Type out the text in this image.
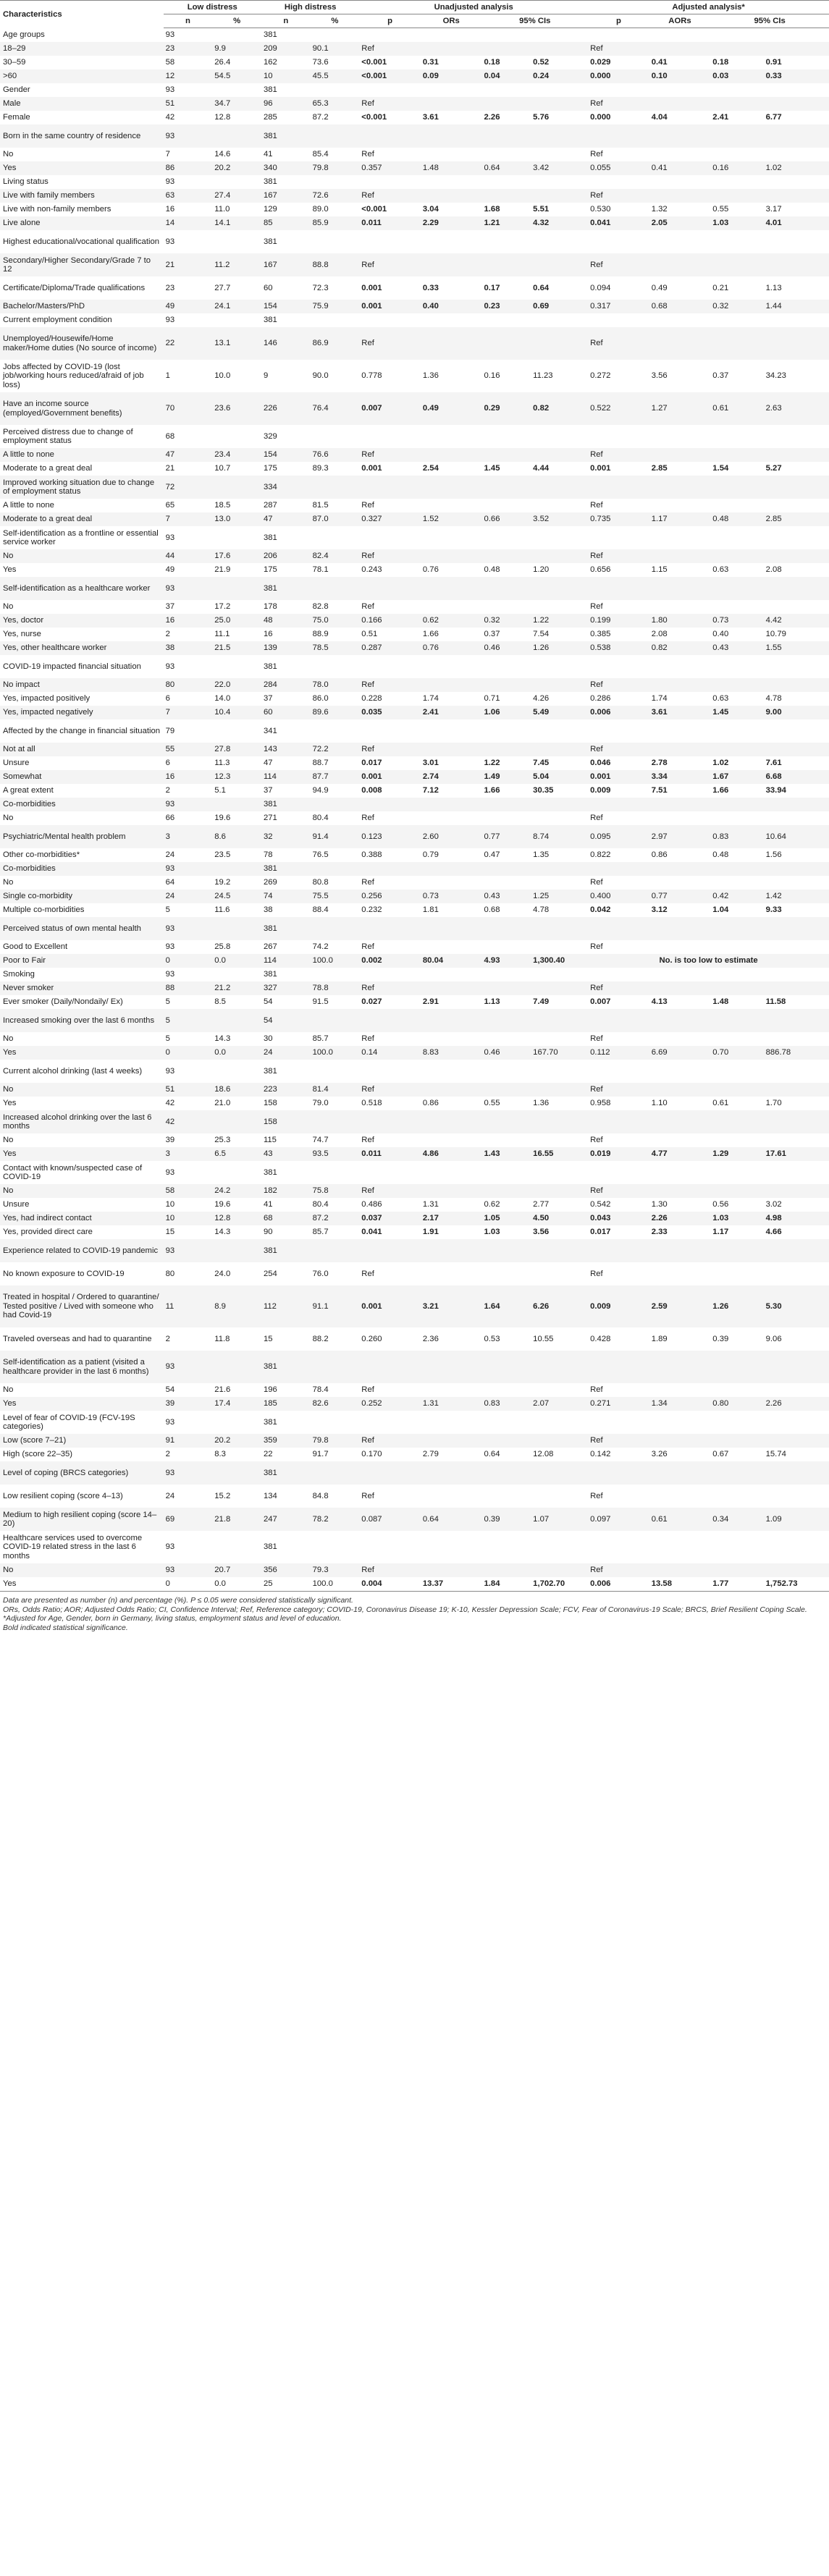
Characteristics	Low distress		High distress		Unadjusted analysis				Adjusted analysis*			
	n	%	n	%	p	ORs	95% CIs		p	AORs	95% CIs	
Age groups	93		381									
18–29	23	9.9	209	90.1	Ref				Ref			
30–59	58	26.4	162	73.6	<0.001	0.31	0.18	0.52	0.029	0.41	0.18	0.91
>60	12	54.5	10	45.5	<0.001	0.09	0.04	0.24	0.000	0.10	0.03	0.33
Gender	93		381									
Male	51	34.7	96	65.3	Ref				Ref			
Female	42	12.8	285	87.2	<0.001	3.61	2.26	5.76	0.000	4.04	2.41	6.77
Born in the same country of residence	93		381									
No	7	14.6	41	85.4	Ref				Ref			
Yes	86	20.2	340	79.8	0.357	1.48	0.64	3.42	0.055	0.41	0.16	1.02
Living status	93		381									
Live with family members	63	27.4	167	72.6	Ref				Ref			
Live with non-family members	16	11.0	129	89.0	<0.001	3.04	1.68	5.51	0.530	1.32	0.55	3.17
Live alone	14	14.1	85	85.9	0.011	2.29	1.21	4.32	0.041	2.05	1.03	4.01
Highest educational/vocational qualification	93		381									
Secondary/Higher Secondary/Grade 7 to 12	21	11.2	167	88.8	Ref				Ref			
Certificate/Diploma/Trade qualifications	23	27.7	60	72.3	0.001	0.33	0.17	0.64	0.094	0.49	0.21	1.13
Bachelor/Masters/PhD	49	24.1	154	75.9	0.001	0.40	0.23	0.69	0.317	0.68	0.32	1.44
Current employment condition	93		381									
Unemployed/Housewife/Home maker/Home duties (No source of income)	22	13.1	146	86.9	Ref				Ref			
Jobs affected by COVID-19 (lost job/working hours reduced/afraid of job loss)	1	10.0	9	90.0	0.778	1.36	0.16	11.23	0.272	3.56	0.37	34.23
Have an income source (employed/Government benefits)	70	23.6	226	76.4	0.007	0.49	0.29	0.82	0.522	1.27	0.61	2.63
Perceived distress due to change of employment status	68		329									
A little to none	47	23.4	154	76.6	Ref				Ref			
Moderate to a great deal	21	10.7	175	89.3	0.001	2.54	1.45	4.44	0.001	2.85	1.54	5.27
Improved working situation due to change of employment status	72		334									
A little to none	65	18.5	287	81.5	Ref				Ref			
Moderate to a great deal	7	13.0	47	87.0	0.327	1.52	0.66	3.52	0.735	1.17	0.48	2.85
Self-identification as a frontline or essential service worker	93		381									
No	44	17.6	206	82.4	Ref				Ref			
Yes	49	21.9	175	78.1	0.243	0.76	0.48	1.20	0.656	1.15	0.63	2.08
Self-identification as a healthcare worker	93		381									
No	37	17.2	178	82.8	Ref				Ref			
Yes, doctor	16	25.0	48	75.0	0.166	0.62	0.32	1.22	0.199	1.80	0.73	4.42
Yes, nurse	2	11.1	16	88.9	0.51	1.66	0.37	7.54	0.385	2.08	0.40	10.79
Yes, other healthcare worker	38	21.5	139	78.5	0.287	0.76	0.46	1.26	0.538	0.82	0.43	1.55
COVID-19 impacted financial situation	93		381									
No impact	80	22.0	284	78.0	Ref				Ref			
Yes, impacted positively	6	14.0	37	86.0	0.228	1.74	0.71	4.26	0.286	1.74	0.63	4.78
Yes, impacted negatively	7	10.4	60	89.6	0.035	2.41	1.06	5.49	0.006	3.61	1.45	9.00
Affected by the change in financial situation	79		341									
Not at all	55	27.8	143	72.2	Ref				Ref			
Unsure	6	11.3	47	88.7	0.017	3.01	1.22	7.45	0.046	2.78	1.02	7.61
Somewhat	16	12.3	114	87.7	0.001	2.74	1.49	5.04	0.001	3.34	1.67	6.68
A great extent	2	5.1	37	94.9	0.008	7.12	1.66	30.35	0.009	7.51	1.66	33.94
Co-morbidities	93		381									
No	66	19.6	271	80.4	Ref				Ref			
Psychiatric/Mental health problem	3	8.6	32	91.4	0.123	2.60	0.77	8.74	0.095	2.97	0.83	10.64
Other co-morbidities*	24	23.5	78	76.5	0.388	0.79	0.47	1.35	0.822	0.86	0.48	1.56
Co-morbidities	93		381									
No	64	19.2	269	80.8	Ref				Ref			
Single co-morbidity	24	24.5	74	75.5	0.256	0.73	0.43	1.25	0.400	0.77	0.42	1.42
Multiple co-morbidities	5	11.6	38	88.4	0.232	1.81	0.68	4.78	0.042	3.12	1.04	9.33
Perceived status of own mental health	93		381									
Good to Excellent	93	25.8	267	74.2	Ref				Ref			
Poor to Fair	0	0.0	114	100.0	0.002	80.04	4.93	1,300.40	No. is too low to estimate			
Smoking	93		381									
Never smoker	88	21.2	327	78.8	Ref				Ref			
Ever smoker (Daily/Nondaily/ Ex)	5	8.5	54	91.5	0.027	2.91	1.13	7.49	0.007	4.13	1.48	11.58
Increased smoking over the last 6 months	5		54									
No	5	14.3	30	85.7	Ref				Ref			
Yes	0	0.0	24	100.0	0.14	8.83	0.46	167.70	0.112	6.69	0.70	886.78
Current alcohol drinking (last 4 weeks)	93		381									
No	51	18.6	223	81.4	Ref				Ref			
Yes	42	21.0	158	79.0	0.518	0.86	0.55	1.36	0.958	1.10	0.61	1.70
Increased alcohol drinking over the last 6 months	42		158									
No	39	25.3	115	74.7	Ref				Ref			
Yes	3	6.5	43	93.5	0.011	4.86	1.43	16.55	0.019	4.77	1.29	17.61
Contact with known/suspected case of COVID-19	93		381									
No	58	24.2	182	75.8	Ref				Ref			
Unsure	10	19.6	41	80.4	0.486	1.31	0.62	2.77	0.542	1.30	0.56	3.02
Yes, had indirect contact	10	12.8	68	87.2	0.037	2.17	1.05	4.50	0.043	2.26	1.03	4.98
Yes, provided direct care	15	14.3	90	85.7	0.041	1.91	1.03	3.56	0.017	2.33	1.17	4.66
Experience related to COVID-19 pandemic	93		381									
No known exposure to COVID-19	80	24.0	254	76.0	Ref				Ref			
Treated in hospital / Ordered to quarantine/ Tested positive / Lived with someone who had Covid-19	11	8.9	112	91.1	0.001	3.21	1.64	6.26	0.009	2.59	1.26	5.30
Traveled overseas and had to quarantine	2	11.8	15	88.2	0.260	2.36	0.53	10.55	0.428	1.89	0.39	9.06
Self-identification as a patient (visited a healthcare provider in the last 6 months)	93		381									
No	54	21.6	196	78.4	Ref				Ref			
Yes	39	17.4	185	82.6	0.252	1.31	0.83	2.07	0.271	1.34	0.80	2.26
Level of fear of COVID-19 (FCV-19S categories)	93		381									
Low (score 7–21)	91	20.2	359	79.8	Ref				Ref			
High (score 22–35)	2	8.3	22	91.7	0.170	2.79	0.64	12.08	0.142	3.26	0.67	15.74
Level of coping (BRCS categories)	93		381									
Low resilient coping (score 4–13)	24	15.2	134	84.8	Ref				Ref			
Medium to high resilient coping (score 14–20)	69	21.8	247	78.2	0.087	0.64	0.39	1.07	0.097	0.61	0.34	1.09
Healthcare services used to overcome COVID-19 related stress in the last 6 months	93		381									
No	93	20.7	356	79.3	Ref				Ref			
Yes	0	0.0	25	100.0	0.004	13.37	1.84	1,702.70	0.006	13.58	1.77	1,752.73
Data are presented as number (n) and percentage (%). P ≤ 0.05 were considered statistically significant.
ORs, Odds Ratio; AOR; Adjusted Odds Ratio; CI, Confidence Interval; Ref, Reference category; COVID-19, Coronavirus Disease 19; K-10, Kessler Depression Scale; FCV, Fear of Coronavirus-19 Scale; BRCS, Brief Resilient Coping Scale.
*Adjusted for Age, Gender, born in Germany, living status, employment status and level of education.
Bold indicated statistical significance.
